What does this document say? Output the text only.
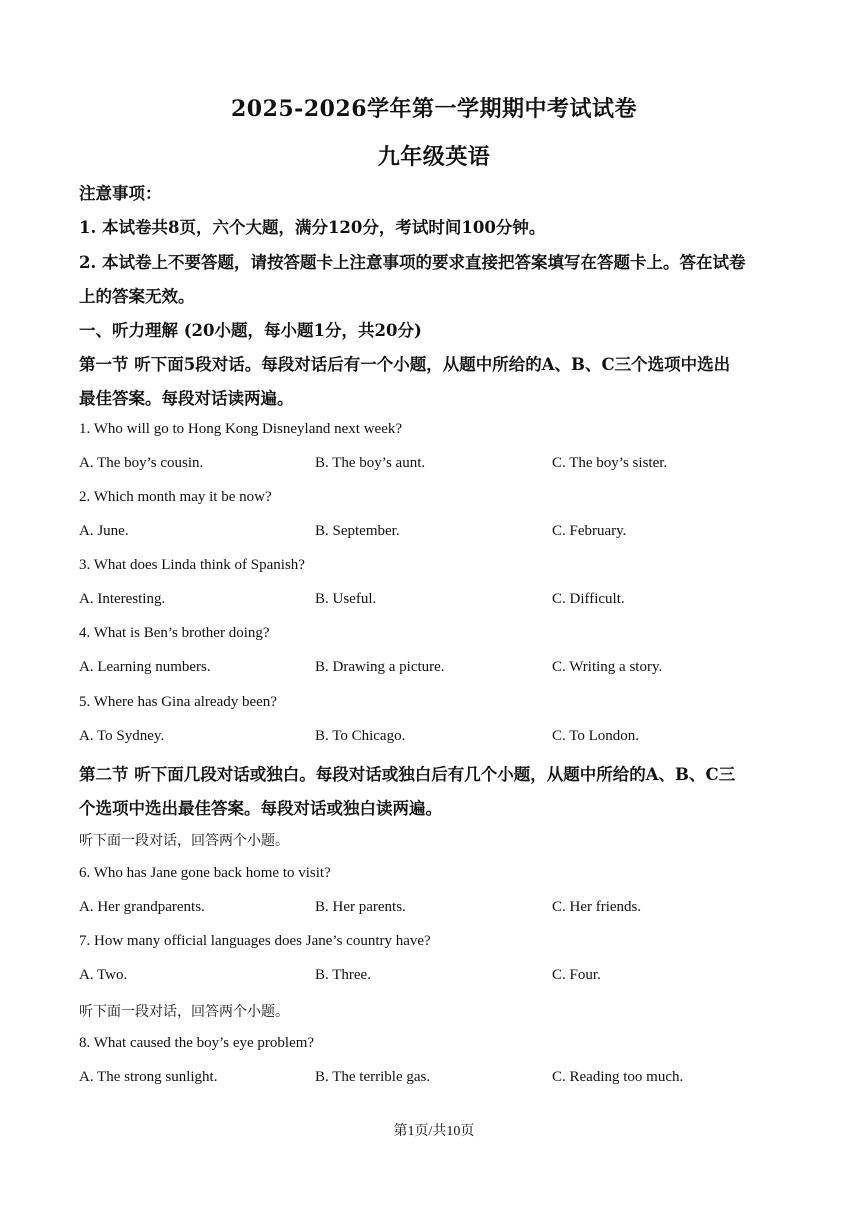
2025-2026学年第一学期期中考试试卷
九年级英语
注意事项：
1. 本试卷共8页，六个大题，满分120分，考试时间100分钟。
2. 本试卷上不要答题，请按答题卡上注意事项的要求直接把答案填写在答题卡上。答在试卷
上的答案无效。
一、听力理解 (20小题，每小题1分，共20分)
第一节 听下面5段对话。每段对话后有一个小题，从题中所给的A、B、C三个选项中选出
最佳答案。每段对话读两遍。
1. Who will go to Hong Kong Disneyland next week?
A. The boy’s cousin.	B. The boy’s aunt.	C. The boy’s sister.
2. Which month may it be now?
A. June.	B. September.	C. February.
3. What does Linda think of Spanish?
A. Interesting.	B. Useful.	C. Difficult.
4. What is Ben’s brother doing?
A. Learning numbers.	B. Drawing a picture.	C. Writing a story.
5. Where has Gina already been?
A. To Sydney.	B. To Chicago.	C. To London.
第二节 听下面几段对话或独白。每段对话或独白后有几个小题，从题中所给的A、B、C三
个选项中选出最佳答案。每段对话或独白读两遍。
听下面一段对话，回答两个小题。
6. Who has Jane gone back home to visit?
A. Her grandparents.	B. Her parents.	C. Her friends.
7. How many official languages does Jane’s country have?
A. Two.	B. Three.	C. Four.
听下面一段对话，回答两个小题。
8. What caused the boy’s eye problem?
A. The strong sunlight.	B. The terrible gas.	C. Reading too much.
第1页/共10页
